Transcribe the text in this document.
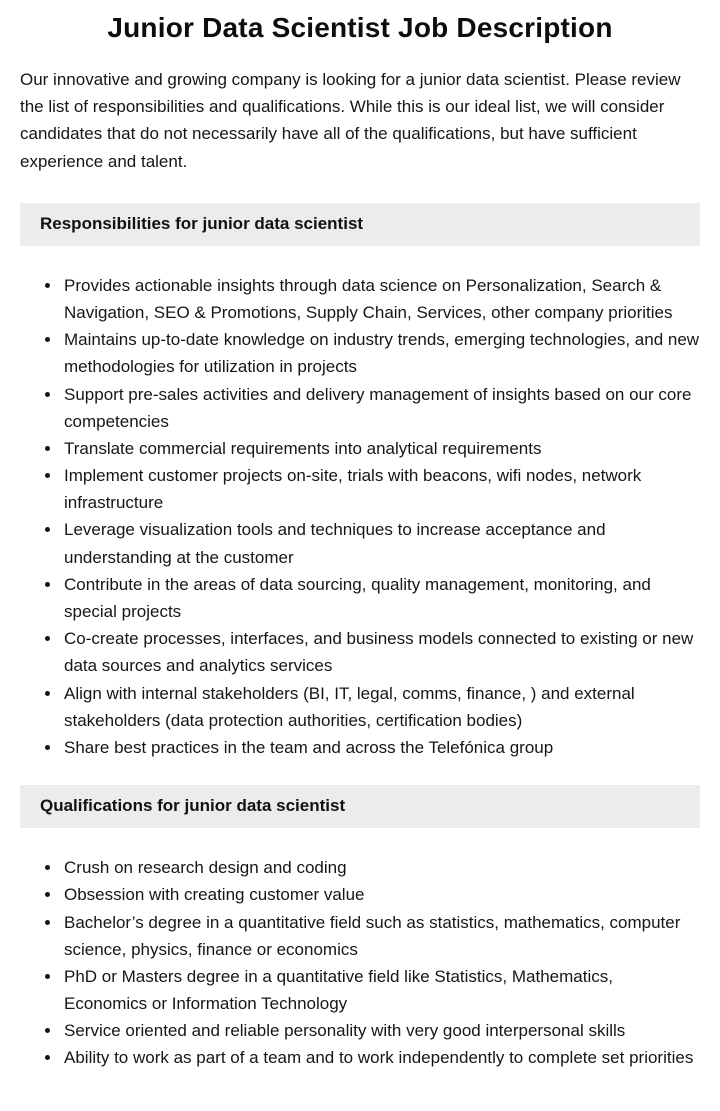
Junior Data Scientist Job Description

Our innovative and growing company is looking for a junior data scientist. Please review the list of responsibilities and qualifications. While this is our ideal list, we will consider candidates that do not necessarily have all of the qualifications, but have sufficient experience and talent.

Responsibilities for junior data scientist
• Provides actionable insights through data science on Personalization, Search & Navigation, SEO & Promotions, Supply Chain, Services, other company priorities
• Maintains up-to-date knowledge on industry trends, emerging technologies, and new methodologies for utilization in projects
• Support pre-sales activities and delivery management of insights based on our core competencies
• Translate commercial requirements into analytical requirements
• Implement customer projects on-site, trials with beacons, wifi nodes, network infrastructure
• Leverage visualization tools and techniques to increase acceptance and understanding at the customer
• Contribute in the areas of data sourcing, quality management, monitoring, and special projects
• Co-create processes, interfaces, and business models connected to existing or new data sources and analytics services
• Align with internal stakeholders (BI, IT, legal, comms, finance, ) and external stakeholders (data protection authorities, certification bodies)
• Share best practices in the team and across the Telefónica group
Qualifications for junior data scientist
• Crush on research design and coding
• Obsession with creating customer value
• Bachelor’s degree in a quantitative field such as statistics, mathematics, computer science, physics, finance or economics
• PhD or Masters degree in a quantitative field like Statistics, Mathematics, Economics or Information Technology
• Service oriented and reliable personality with very good interpersonal skills
• Ability to work as part of a team and to work independently to complete set priorities
